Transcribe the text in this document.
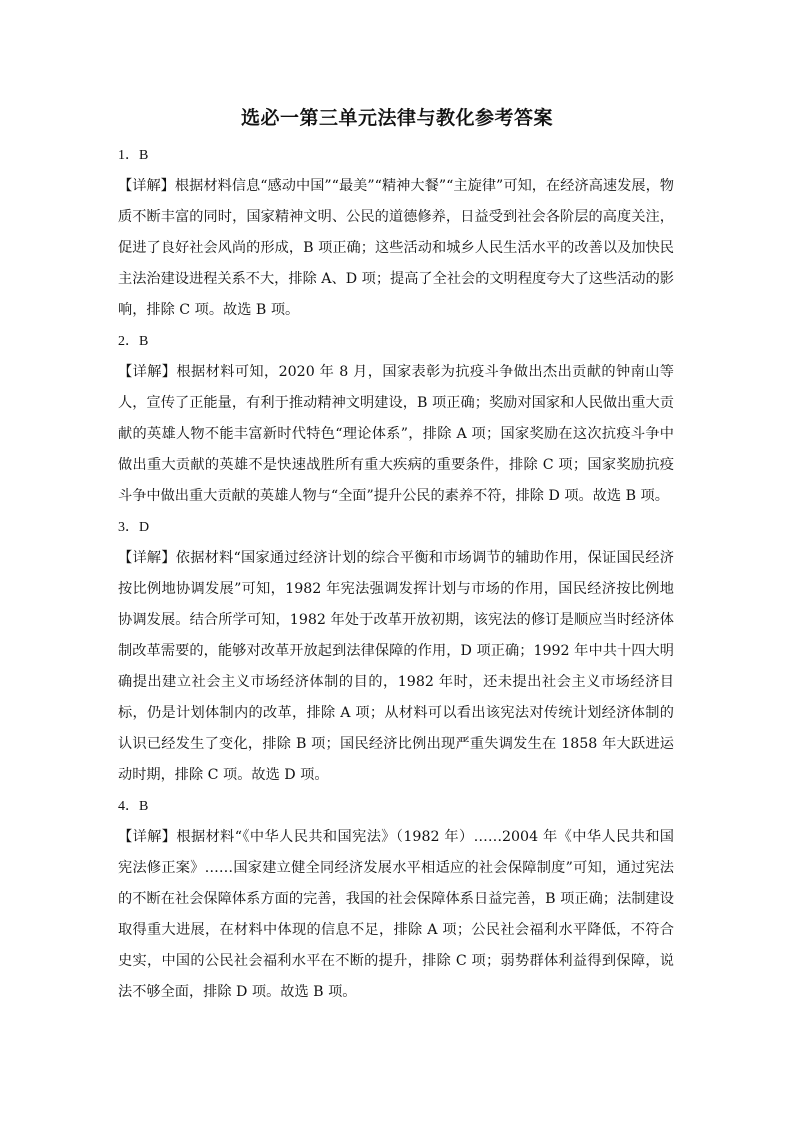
选必一第三单元法律与教化参考答案
1．B
【详解】根据材料信息“感动中国”“最美”“精神大餐”“主旋律”可知，在经济高速发展，物质不断丰富的同时，国家精神文明、公民的道德修养，日益受到社会各阶层的高度关注，促进了良好社会风尚的形成，B 项正确；这些活动和城乡人民生活水平的改善以及加快民主法治建设进程关系不大，排除 A、D 项；提高了全社会的文明程度夸大了这些活动的影响，排除 C 项。故选 B 项。
2．B
【详解】根据材料可知，2020 年 8 月，国家表彰为抗疫斗争做出杰出贡献的钟南山等人，宣传了正能量，有利于推动精神文明建设，B 项正确；奖励对国家和人民做出重大贡献的英雄人物不能丰富新时代特色“理论体系”，排除 A 项；国家奖励在这次抗疫斗争中做出重大贡献的英雄不是快速战胜所有重大疾病的重要条件，排除 C 项；国家奖励抗疫斗争中做出重大贡献的英雄人物与“全面”提升公民的素养不符，排除 D 项。故选 B 项。
3．D
【详解】依据材料“国家通过经济计划的综合平衡和市场调节的辅助作用，保证国民经济按比例地协调发展”可知，1982 年宪法强调发挥计划与市场的作用，国民经济按比例地协调发展。结合所学可知，1982 年处于改革开放初期，该宪法的修订是顺应当时经济体制改革需要的，能够对改革开放起到法律保障的作用，D 项正确；1992 年中共十四大明确提出建立社会主义市场经济体制的目的，1982 年时，还未提出社会主义市场经济目标，仍是计划体制内的改革，排除 A 项；从材料可以看出该宪法对传统计划经济体制的认识已经发生了变化，排除 B 项；国民经济比例出现严重失调发生在 1858 年大跃进运动时期，排除 C 项。故选 D 项。
4．B
【详解】根据材料“《中华人民共和国宪法》（1982 年）……2004 年《中华人民共和国宪法修正案》……国家建立健全同经济发展水平相适应的社会保障制度”可知，通过宪法的不断在社会保障体系方面的完善，我国的社会保障体系日益完善，B 项正确；法制建设取得重大进展，在材料中体现的信息不足，排除 A 项；公民社会福利水平降低，不符合史实，中国的公民社会福利水平在不断的提升，排除 C 项；弱势群体利益得到保障，说法不够全面，排除 D 项。故选 B 项。
